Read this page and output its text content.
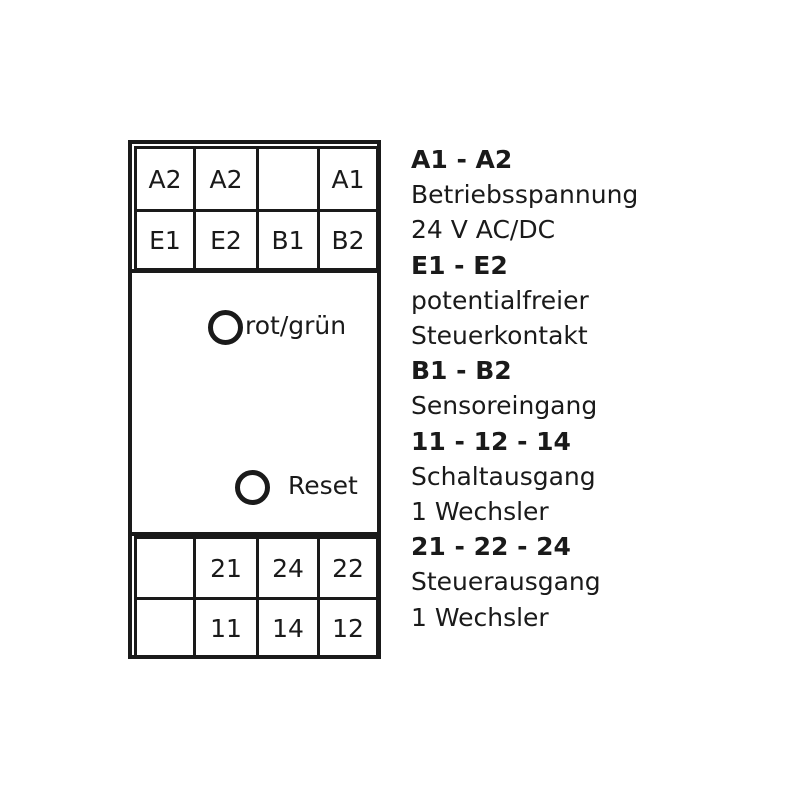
A2 A2	A1
E1 E2 B1 B2
rot/grün
Reset
21 24 22
11 14 12
A1 - A2
Betriebsspannung
24 V AC/DC
E1 - E2
potentialfreier
Steuerkontakt
B1 - B2
Sensoreingang
11 - 12 - 14
Schaltausgang
1 Wechsler
21 - 22 - 24
Steuerausgang
1 Wechsler
